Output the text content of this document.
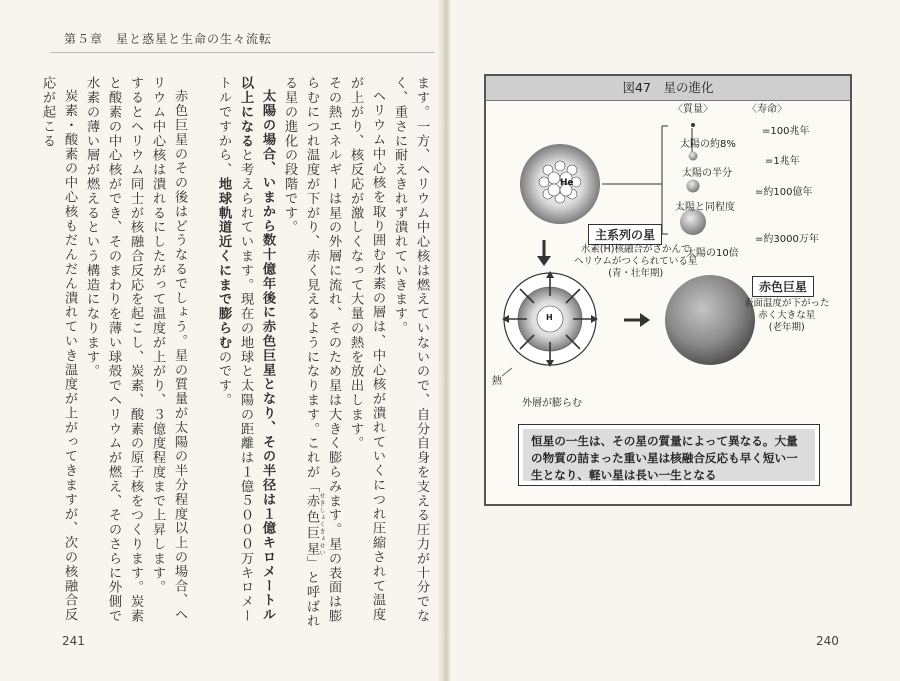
第５章　星と惑星と生命の生々流転

ます。一方、ヘリウム中心核は燃えていないので、自分自身を支える圧力が十分でなく、重さに耐えきれず潰れていきます。

ヘリウム中心核を取り囲む水素の層は、中心核が潰れていくにつれ圧縮されて温度が上がり、核反応が激しくなって大量の熱を放出します。

その熱エネルギーは星の外層に流れ、そのため星は大きく膨らみます。星の表面は膨らむにつれ温度が下がり、赤く見えるようになります。これが「赤色巨星 せきしょくきょせい」と呼ばれる星の進化の段階です。

太陽の場合、いまから数十億年後に赤色巨星となり、その半径は１億キロメートル以上になると考えられています。現在の地球と太陽の距離は１億５０００万キロメートルですから、地球軌道近くにまで膨らむのです。

赤色巨星のその後はどうなるでしょう。星の質量が太陽の半分程度以上の場合、ヘリウム中心核は潰れるにしたがって温度が上がり、３億度程度まで上昇します。

するとヘリウム同士が核融合反応を起こし、炭素、酸素の原子核をつくります。炭素と酸素の中心核ができ、そのまわりを薄い球殻でヘリウムが燃え、そのさらに外側で水素の薄い層が燃えるという構造になります。

炭素・酸素の中心核もだんだん潰れていき温度が上がってきますが、次の核融合反応が起こる

241
図47　星の進化
He
H
〈質量〉	〈寿命〉
太陽の約8%
=100兆年
太陽の半分
=1兆年
太陽と同程度
=約100億年
太陽の10倍
=約3000万年
主系列の星
水素(H)核融合がさかんで
ヘリウムがつくられている星
(青・壮年期)
赤色巨星
表面温度が下がった
赤く大きな星
(老年期)
熱
外層が膨らむ
恒星の一生は、その星の質量によって異なる。大量の物質の詰まった重い星は核融合反応も早く短い一生となり、軽い星は長い一生となる
240
